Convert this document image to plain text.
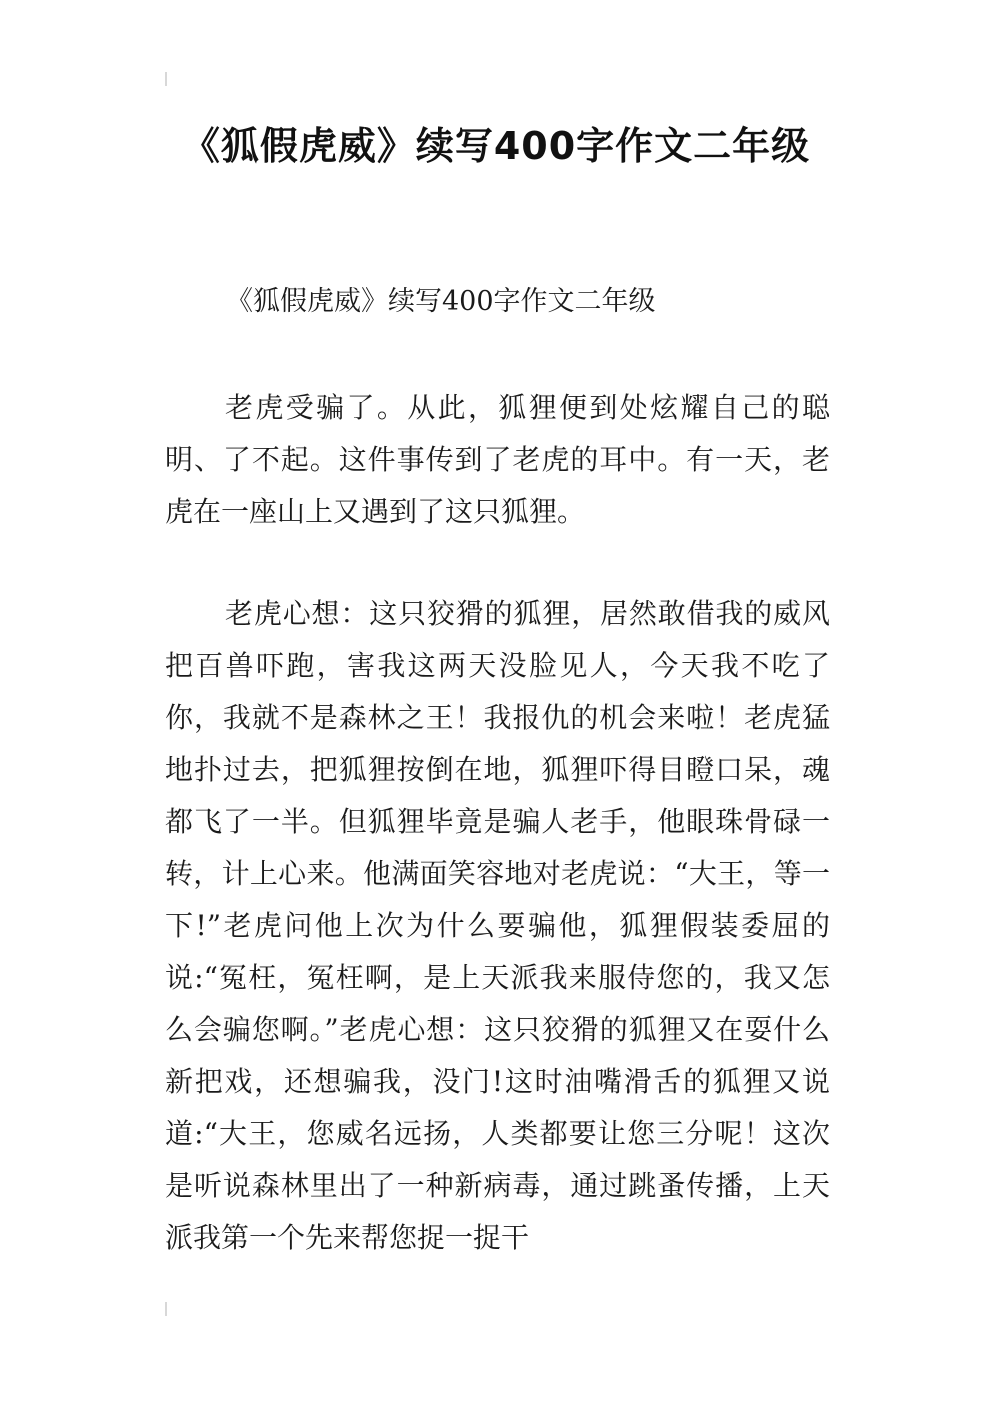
《狐假虎威》续写400字作文二年级

《狐假虎威》续写400字作文二年级

老虎受骗了。从此，狐狸便到处炫耀自己的聪明、了不起。这件事传到了老虎的耳中。有一天，老虎在一座山上又遇到了这只狐狸。

老虎心想：这只狡猾的狐狸，居然敢借我的威风把百兽吓跑，害我这两天没脸见人，今天我不吃了你，我就不是森林之王！我报仇的机会来啦！老虎猛地扑过去，把狐狸按倒在地，狐狸吓得目瞪口呆，魂都飞了一半。但狐狸毕竟是骗人老手，他眼珠骨碌一转，计上心来。他满面笑容地对老虎说：“大王，等一下!”老虎问他上次为什么要骗他，狐狸假装委屈的说:“冤枉，冤枉啊，是上天派我来服侍您的，我又怎么会骗您啊。”老虎心想：这只狡猾的狐狸又在耍什么新把戏，还想骗我，没门!这时油嘴滑舌的狐狸又说道:“大王，您威名远扬，人类都要让您三分呢！这次是听说森林里出了一种新病毒，通过跳蚤传播，上天派我第一个先来帮您捉一捉干
